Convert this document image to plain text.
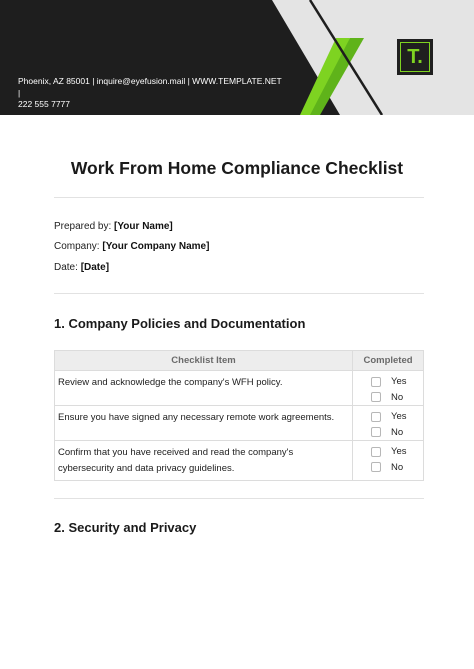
Phoenix, AZ 85001 | inquire@eyefusion.mail | WWW.TEMPLATE.NET |
222 555 7777
T.
Work From Home Compliance Checklist
Prepared by: [Your Name]
Company: [Your Company Name]
Date: [Date]
1. Company Policies and Documentation
Checklist Item	Completed
Review and acknowledge the company's WFH policy.	Yes
No

Ensure you have signed any necessary remote work agreements.	Yes
No

Confirm that you have received and read the company's cybersecurity and data privacy guidelines.	Yes
No
2. Security and Privacy
